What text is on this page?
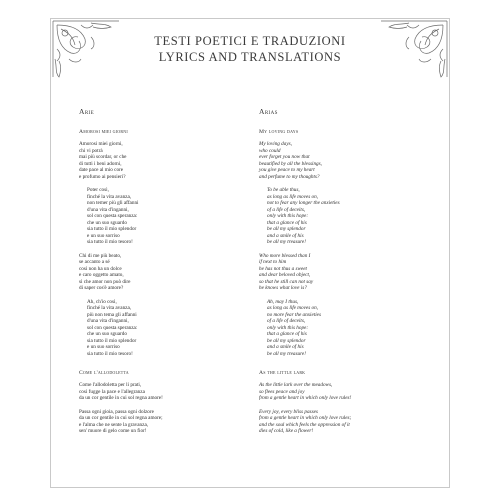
TESTI POETICI E TRADUZIONI
LYRICS AND TRANSLATIONS
Arie
Amorosi miei giorni
Amorosi miei giorni,
chi vi potrà
mai più scordar, or che
di tutti i beni adorni,
date pace al mio core
e profumo ai pensieri?
Poter così,
finché la vita avanza,
non temer più gli affanni
d'una vita d'inganni,
sol con questa speranza:
che un suo sguardo
sia tutto il mio splendor
e un suo sorriso
sia tutto il mio tesoro!
Chi di me più beato,
se accanto a sé
così non ha un dolce
e caro oggetto amato,
sì che amor non può dire
di saper cos'è amore?
Ah, ch'io così,
finché la vita avanza,
più non tema gli affanni
d'una vita d'inganni,
sol con questa speranza:
che un suo sguardo
sia tutto il mio splendor
e un suo sorriso
sia tutto il mio tesoro!
Come l'allodoletta
Come l'allodoletta per li prati,
così fugge la pace e l'allegranza
da un cor gentile in cui sol regna amore!
Passa ogni gioia, passa ogni dolzore
da un cor gentile in cui sol regna amore;
e l'alma che ne sente la gravanza,
sen' muore di gelo come un fior!
Arias
My loving days
My loving days,
who could
ever forget you now that
beautified by all the blessings,
you give peace to my heart
and perfume to my thoughts?
To be able thus,
as long as life moves on,
not to fear any longer the anxieties
of a life of deceits,
only with this hope:
that a glance of his
be all my splendor
and a smile of his
be all my treasure!
Who more blessed than I
if next to him
he has not thus a sweet
and dear beloved object,
so that he still can not say
he knows what love is?
Ah, may I thus,
as long as life moves on,
no more fear the anxieties
of a life of deceits,
only with this hope:
that a glance of his
be all my splendor
and a smile of his
be all my treasure!
As the little lark
As the little lark over the meadows,
so flees peace and joy
from a gentle heart in which only love rules!
Every joy, every bliss passes
from a gentle heart in which only love rules;
and the soul which feels the oppression of it
dies of cold, like a flower!
